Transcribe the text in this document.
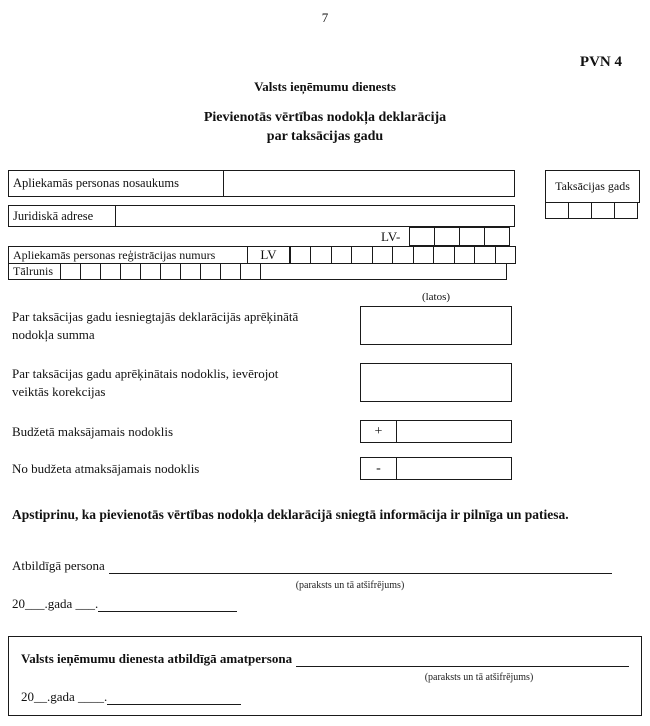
7
PVN 4
Valsts ieņēmumu dienests
Pievienotās vērtības nodokļa deklarācija
par taksācijas gadu
Apliekamās personas nosaukums	Taksācijas gads
Juridiskā adrese
LV-
Apliekamās personas reģistrācijas numurs	LV
Tālrunis
(latos)
Par taksācijas gadu iesniegtajās deklarācijās aprēķinātā nodokļa summa
Par taksācijas gadu aprēķinātais nodoklis, ievērojot veiktās korekcijas
Budžetā maksājamais nodoklis	+
No budžeta atmaksājamais nodoklis	-
Apstiprinu, ka pievienotās vērtības nodokļa deklarācijā sniegtā informācija ir pilnīga un patiesa.
Atbildīgā persona
(paraksts un tā atšifrējums)
20___.gada ___.
Valsts ieņēmumu dienesta atbildīgā amatpersona
(paraksts un tā atšifrējums)
20__.gada ____.
